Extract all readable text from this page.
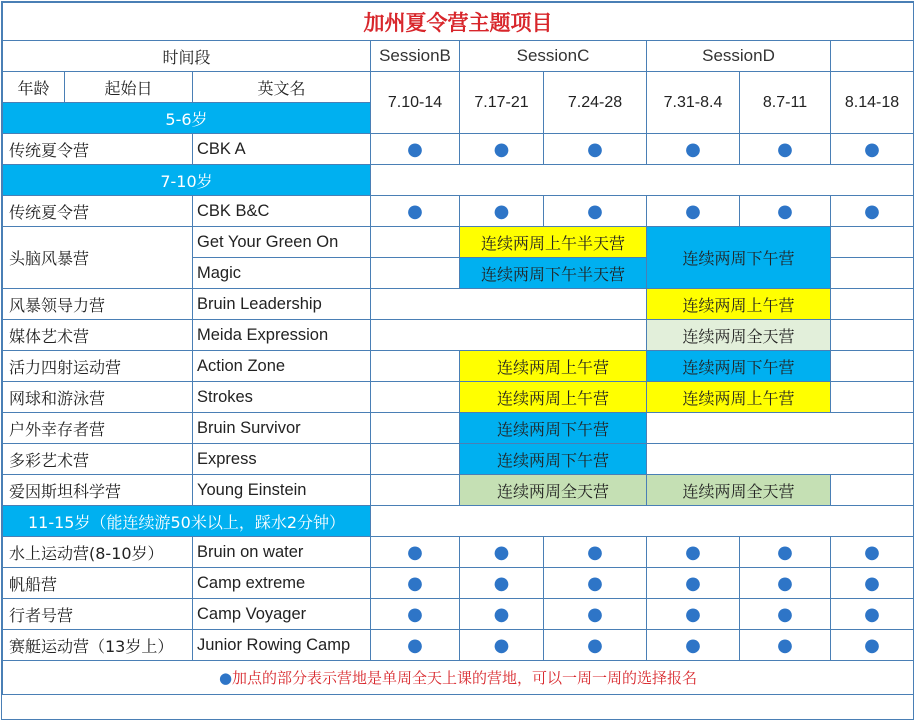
加州夏令营主题项目								
时间段			SessionB	SessionC		SessionD		
年龄	起始日	英文名	7.10-14	7.17-21	7.24-28	7.31-8.4	8.7-11	8.14-18
5-6岁								
传统夏令营		CBK A	●	●	●	●	●	●
7-10岁								
传统夏令营		CBK B&C	●	●	●	●	●	●
头脑风暴营		Get Your Green On		连续两周上午半天营		连续两周下午营		
		Magic		连续两周下午半天营				
风暴领导力营		Bruin Leadership				连续两周上午营		
媒体艺术营		Meida Expression				连续两周全天营		
活力四射运动营		Action Zone		连续两周上午营		连续两周下午营		
网球和游泳营		Strokes		连续两周上午营		连续两周上午营		
户外幸存者营		Bruin Survivor		连续两周下午营				
多彩艺术营		Express		连续两周下午营				
爱因斯坦科学营		Young Einstein		连续两周全天营		连续两周全天营		
11-15岁（能连续游50米以上，踩水2分钟）								
水上运动营(8-10岁）		Bruin on water	●	●	●	●	●	●
帆船营		Camp extreme	●	●	●	●	●	●
行者号营		Camp Voyager	●	●	●	●	●	●
赛艇运动营（13岁上）		Junior Rowing Camp	●	●	●	●	●	●
●加点的部分表示营地是单周全天上课的营地，可以一周一周的选择报名								
